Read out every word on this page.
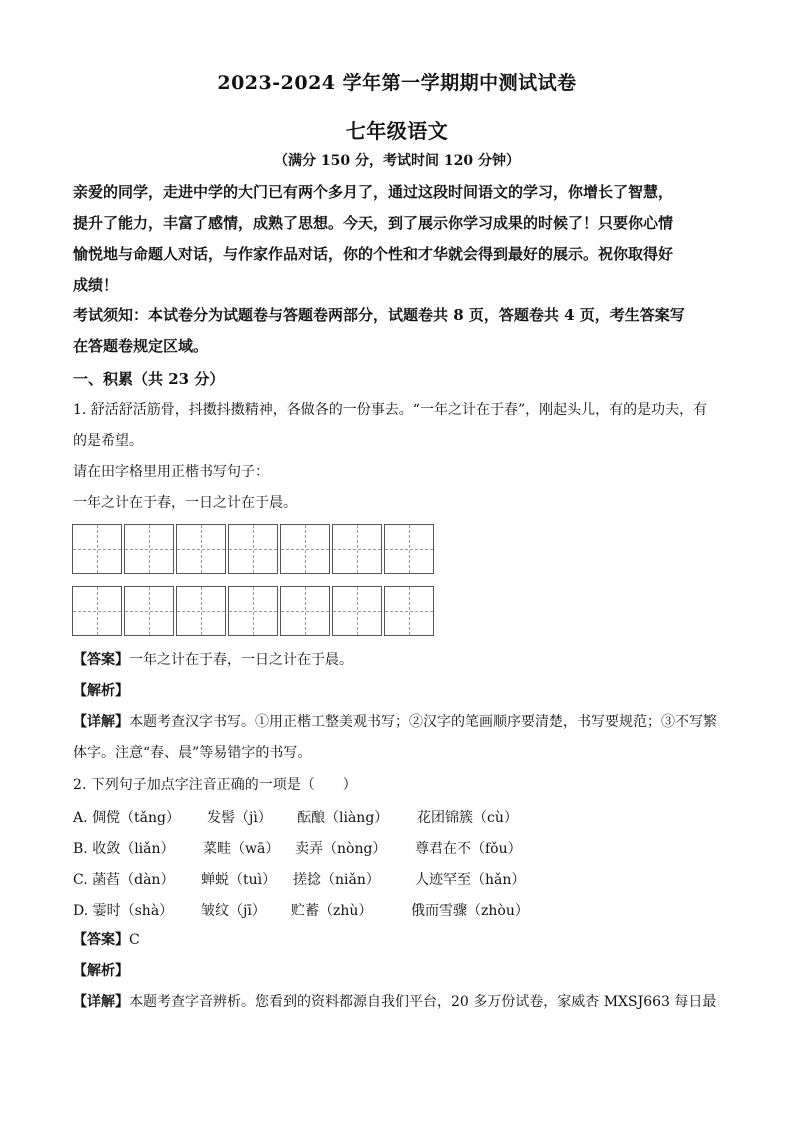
2023-2024 学年第一学期期中测试试卷
七年级语文
（满分 150 分，考试时间 120 分钟）
亲爱的同学，走进中学的大门已有两个多月了，通过这段时间语文的学习，你增长了智慧，
提升了能力，丰富了感情，成熟了思想。今天，到了展示你学习成果的时候了！只要你心情
愉悦地与命题人对话，与作家作品对话，你的个性和才华就会得到最好的展示。祝你取得好
成绩！
考试须知：本试卷分为试题卷与答题卷两部分，试题卷共 8 页，答题卷共 4 页，考生答案写
在答题卷规定区域。
一、积累（共 23 分）
1. 舒活舒活筋骨，抖擞抖擞精神，各做各的一份事去。“一年之计在于春”，刚起头儿，有的是功夫，有
的是希望。
请在田字格里用正楷书写句子：
一年之计在于春，一日之计在于晨。
【答案】一年之计在于春，一日之计在于晨。
【解析】
【详解】本题考查汉字书写。①用正楷工整美观书写；②汉字的笔画顺序要清楚，书写要规范；③不写繁
体字。注意“春、晨”等易错字的书写。
2. 下列句子加点字注音正确的一项是（　　）
A. 倜傥（tǎng） 发髻（jì） 酝酿（liàng） 花团锦簇（cù）
B. 收敛（liǎn） 菜畦（wā） 卖弄（nòng） 尊君在不（fǒu）
C. 菡萏（dàn） 蝉蜕（tuì） 搓捻（niǎn）	人迹罕至（hǎn）
D. 霎时（shà） 皱纹（jī） 贮蓄（zhù）	俄而雪骤（zhòu）
【答案】C
【解析】
【详解】本题考查字音辨析。您看到的资料都源自我们平台，20 多万份试卷，家威杏 MXSJ663 每日最
